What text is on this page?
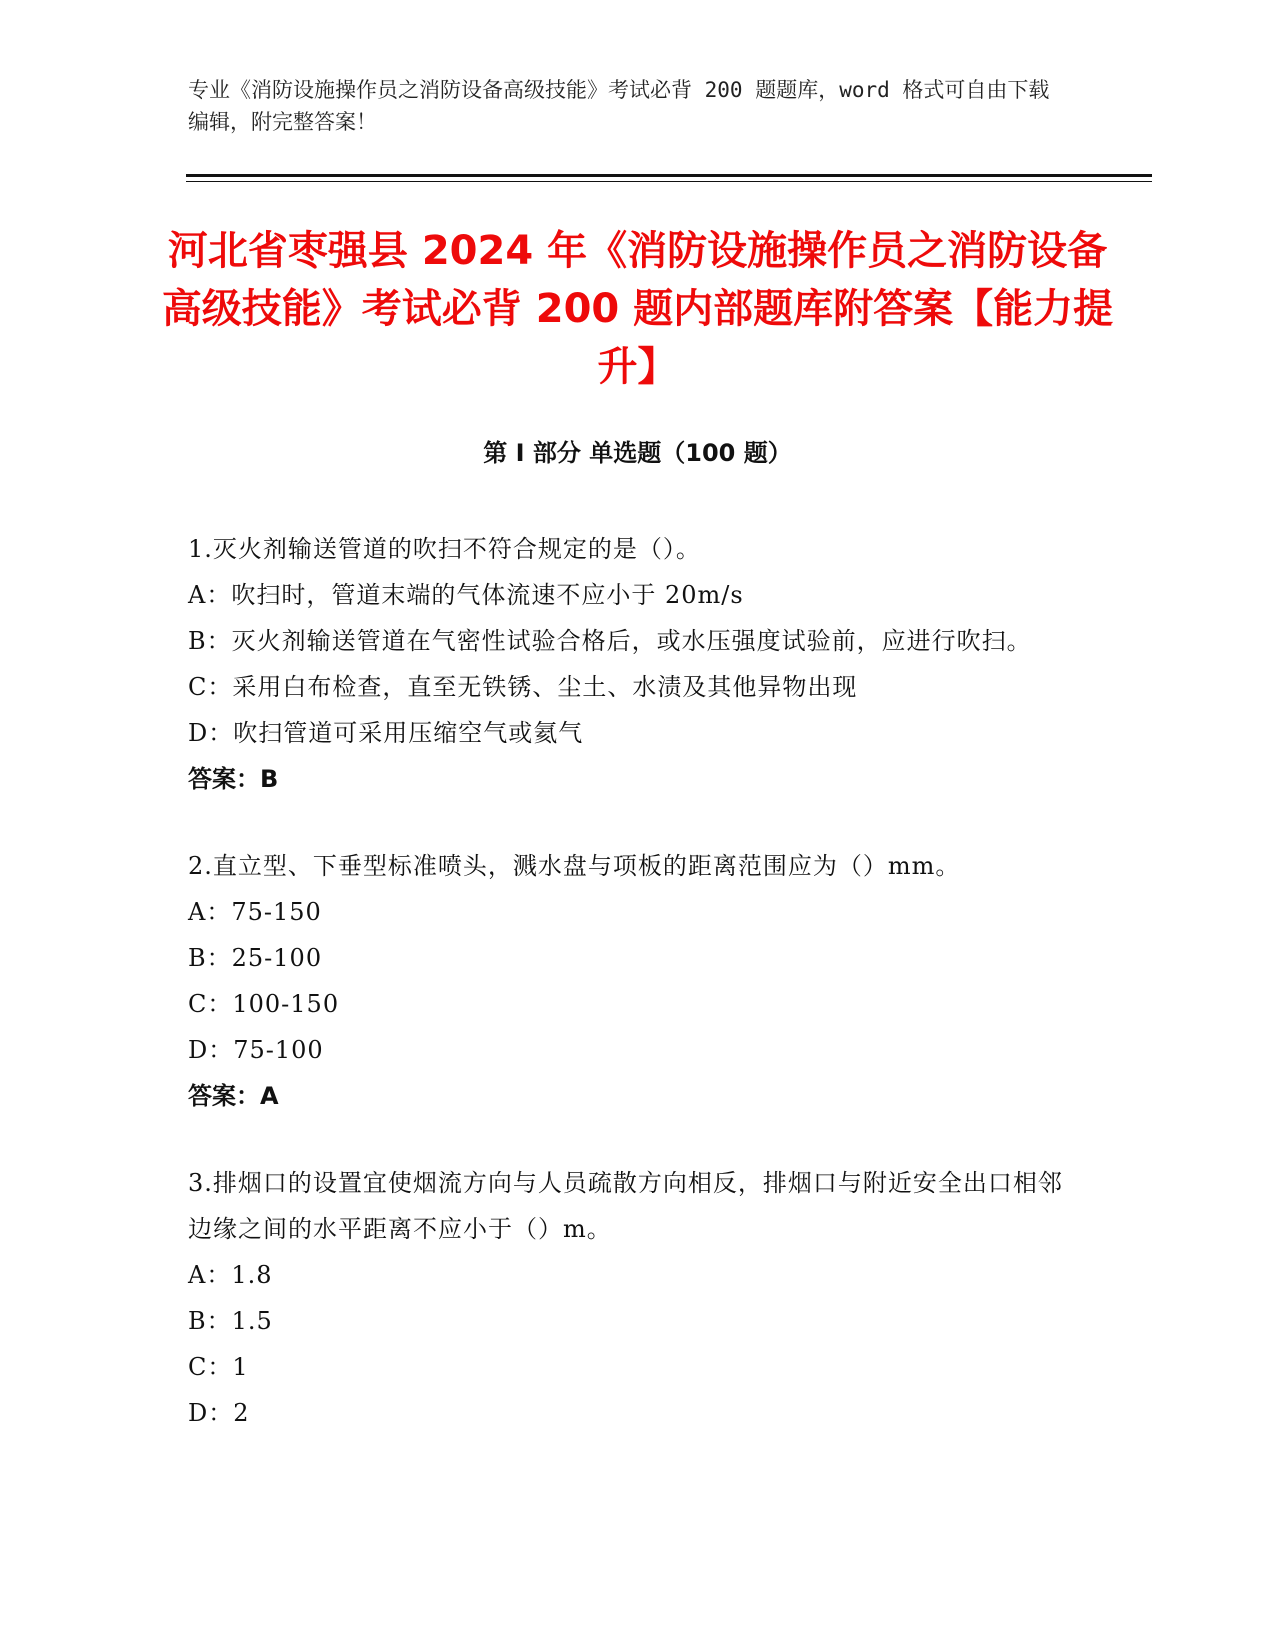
专业《消防设施操作员之消防设备高级技能》考试必背 200 题题库，word 格式可自由下载编辑，附完整答案！
河北省枣强县 2024 年《消防设施操作员之消防设备高级技能》考试必背 200 题内部题库附答案【能力提升】
第 I 部分 单选题（100 题）
1.灭火剂输送管道的吹扫不符合规定的是（）。
A：吹扫时，管道末端的气体流速不应小于 20m/s
B：灭火剂输送管道在气密性试验合格后，或水压强度试验前，应进行吹扫。
C：采用白布检查，直至无铁锈、尘土、水渍及其他异物出现
D：吹扫管道可采用压缩空气或氦气
答案：B
2.直立型、下垂型标准喷头，溅水盘与项板的距离范围应为（）mm。
A：75-150
B：25-100
C：100-150
D：75-100
答案：A
3.排烟口的设置宜使烟流方向与人员疏散方向相反，排烟口与附近安全出口相邻边缘之间的水平距离不应小于（）m。
A：1.8
B：1.5
C：1
D：2
